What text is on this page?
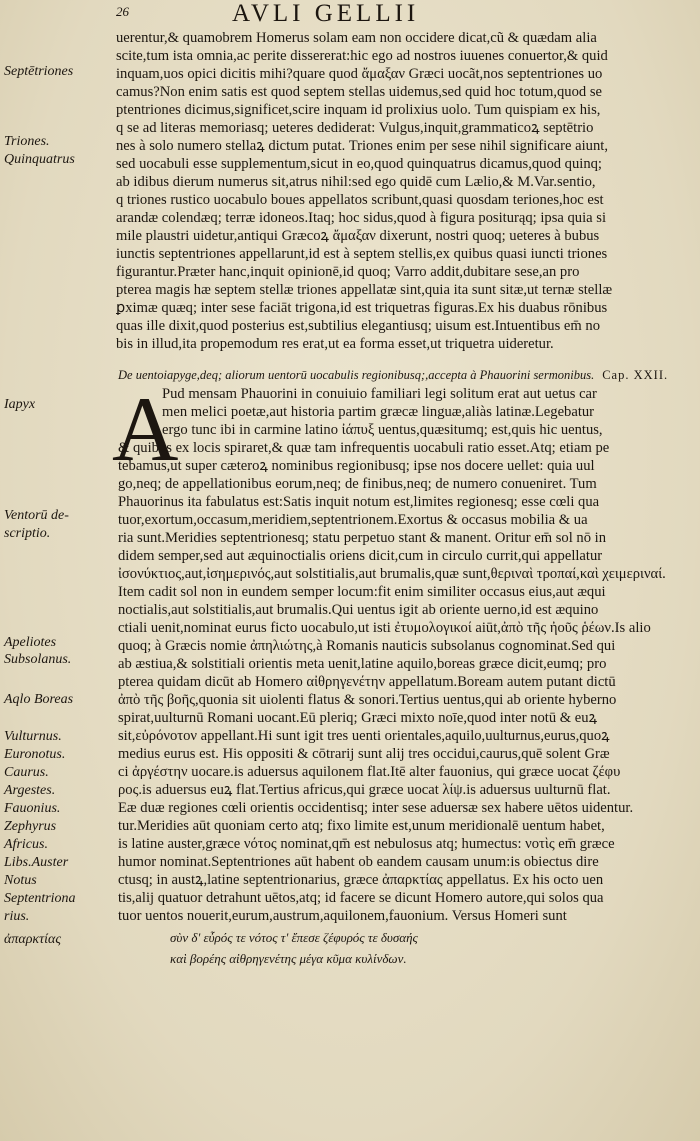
26	AVLI GELLII
uerentur,& quamobrem Homerus solam eam non occidere dicat,cũ & quædam alia
scite,tum ista omnia,ac perite dissererat:hic ego ad nostros iuuenes conuertor,& quid
inquam,uos opici dicitis mihi?quare quod ἄμαξαν Græci uocãt,nos septentriones uo
camus?Non enim satis est quod septem stellas uidemus,sed quid hoc totum,quod se
ptentriones dicimus,significet,scire inquam id prolixius uolo. Tum quispiam ex his,
q se ad literas memoriasq; ueteres dediderat: Vulgus,inquit,grammaticoꝝ septētrio
nes à solo numero stellaꝝ dictum putat. Triones enim per sese nihil significare aiunt,
sed uocabuli esse supplementum,sicut in eo,quod quinquatrus dicamus,quod quinq;
ab idibus dierum numerus sit,atrus nihil:sed ego quidē cum Lælio,& M.Var.sentio,
q triones rustico uocabulo boues appellatos scribunt,quasi quosdam teriones,hoc est
arandæ colendæq; terræ idoneos.Itaq; hoc sidus,quod à figura positurąq; ipsa quia si
mile plaustri uidetur,antiqui Græcoꝝ ἄμαξαν dixerunt, nostri quoq; ueteres à bubus
iunctis septentriones appellarunt,id est à septem stellis,ex quibus quasi iuncti triones
figurantur.Præter hanc,inquit opinionē,id quoq; Varro addit,dubitare sese,an pro
pterea magis hæ septem stellæ triones appellatæ sint,quia ita sunt sitæ,ut ternæ stellæ
ꝑximæ quæq; inter sese faciāt trigona,id est triquetras figuras.Ex his duabus rōnibus
quas ille dixit,quod posterius est,subtilius elegantiusq; uisum est.Intuentibus em̄ no
bis in illud,ita propemodum res erat,ut ea forma esset,ut triquetra uideretur.
De uentoiapyge,deq; aliorum uentorū uocabulis regionibusq;,accepta à Phauorini sermonibus. Cap. XXII.
A
Pud mensam Phauorini in conuiuio familiari legi solitum erat aut uetus car
men melici poetæ,aut historia partim græcæ linguæ,aliàs latinæ.Legebatur
ergo tunc ibi in carmine latino ἰάπυξ uentus,quæsitumq; est,quis hic uentus,
& quibus ex locis spiraret,& quæ tam infrequentis uocabuli ratio esset.Atq; etiam pe
tebamus,ut super cæteroꝝ nominibus regionibusq; ipse nos docere uellet: quia uul
go,neq; de appellationibus eorum,neq; de finibus,neq; de numero conueniret. Tum
Phauorinus ita fabulatus est:Satis inquit notum est,limites regionesq; esse cœli qua
tuor,exortum,occasum,meridiem,septentrionem.Exortus & occasus mobilia & ua
ria sunt.Meridies septentrionesq; statu perpetuo stant & manent. Oritur em̄ sol nō in
didem semper,sed aut æquinoctialis oriens dicit,cum in circulo currit,qui appellatur
ἰσονύκτιος,aut,ἰσημερινός,aut solstitialis,aut brumalis,quæ sunt,θεριναὶ τροπαί,καὶ χειμεριναί.
Item cadit sol non in eundem semper locum:fit enim similiter occasus eius,aut æqui
noctialis,aut solstitialis,aut brumalis.Qui uentus igit ab oriente uerno,id est æquino
ctiali uenit,nominat eurus ficto uocabulo,ut isti ἐτυμολογικοί aiūt,ἀπὸ τῆς ἠοῦς ῥέων.Is alio
quoq; à Græcis nomie ἀπηλιώτης,à Romanis nauticis subsolanus cognominat.Sed qui
ab æstiua,& solstitiali orientis meta uenit,latine aquilo,boreas græce dicit,eumq; pro
pterea quidam dicūt ab Homero αἰθρηγενέτην appellatum.Boream autem putant dictū
ἀπὸ τῆς βοῆς,quonia sit uiolenti flatus & sonori.Tertius uentus,qui ab oriente hyberno
spirat,uulturnū Romani uocant.Eū pleriq; Græci mixto noīe,quod inter notū & euꝝ
sit,εὐρόνοτον appellant.Hi sunt igit tres uenti orientales,aquilo,uulturnus,eurus,quoꝝ
medius eurus est. His oppositi & cōtrarij sunt alij tres occidui,caurus,quē solent Græ
ci ἀργέστην uocare.is aduersus aquilonem flat.Itē alter fauonius, qui græce uocat ζέφυ
ρος.is aduersus euꝝ flat.Tertius africus,qui græce uocat λίψ.is aduersus uulturnū flat.
Eæ duæ regiones cœli orientis occidentisq; inter sese aduersæ sex habere uētos uidentur.
tur.Meridies aūt quoniam certo atq; fixo limite est,unum meridionalē uentum habet,
is latine auster,græce νότος nominat,qm̄ est nebulosus atq; humectus: νοτὶς em̄ græce
humor nominat.Septentriones aūt habent ob eandem causam unum:is obiectus dire
ctusq; in austꝝ,latine septentrionarius, græce ἀπαρκτίας appellatus. Ex his octo uen
tis,alij quatuor detrahunt uētos,atq; id facere se dicunt Homero autore,qui solos qua
tuor uentos nouerit,eurum,austrum,aquilonem,fauonium. Versus Homeri sunt
σὺν δ' εὖρός τε νότος τ' ἔπεσε ζέφυρός τε δυσαής
καὶ βορέης αἰθρηγενέτης μέγα κῦμα κυλίνδων.
Septētriones
Triones.
Quinquatrus
Iapyx
Ventorū de-
scriptio.
Apeliotes
Subsolanus.
Aqlo Boreas
Vulturnus.
Euronotus.
Caurus.
Argestes.
Fauonius.
Zephyrus
Africus.
Libs.Auster
Notus
Septentriona
rius.
ἀπαρκτίας
